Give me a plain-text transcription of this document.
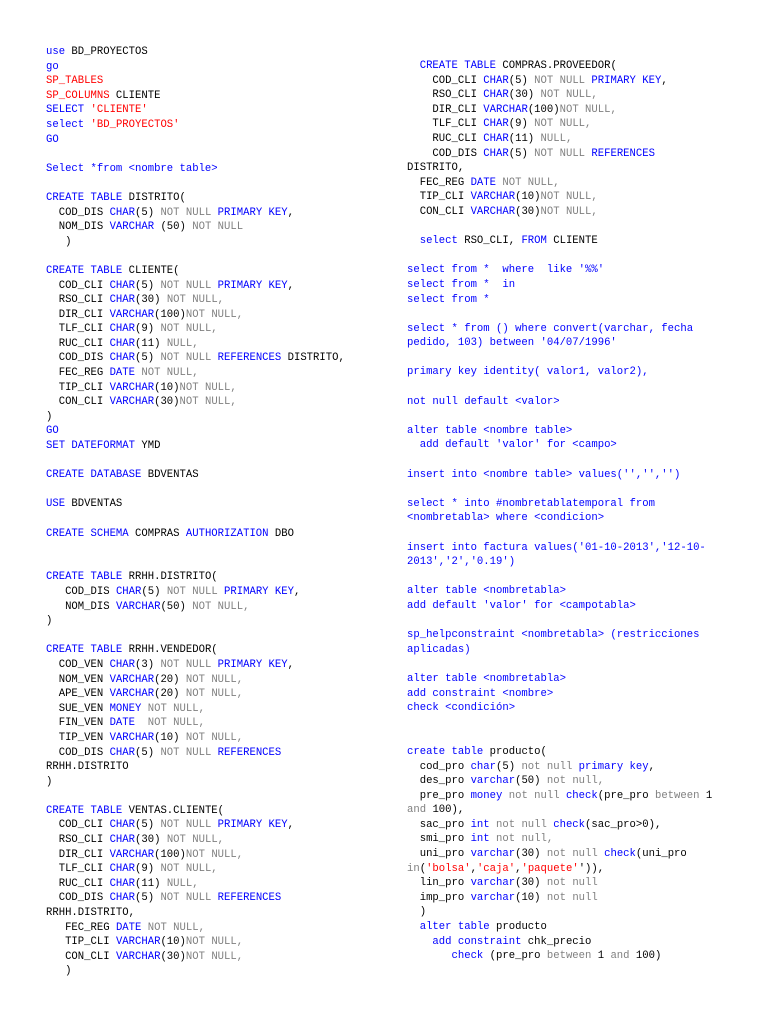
use BD_PROYECTOS
go
SP_TABLES
SP_COLUMNS CLIENTE
SELECT 'CLIENTE'
select 'BD_PROYECTOS'
GO
Select *from <nombre table>
CREATE TABLE DISTRITO(
COD_DIS CHAR(5) NOT NULL PRIMARY KEY,
NOM_DIS VARCHAR (50) NOT NULL
)
CREATE TABLE CLIENTE(
COD_CLI CHAR(5) NOT NULL PRIMARY KEY,
RSO_CLI CHAR(30) NOT NULL,
DIR_CLI VARCHAR(100)NOT NULL,
TLF_CLI CHAR(9) NOT NULL,
RUC_CLI CHAR(11) NULL,
COD_DIS CHAR(5) NOT NULL REFERENCES DISTRITO,
FEC_REG DATE NOT NULL,
TIP_CLI VARCHAR(10)NOT NULL,
CON_CLI VARCHAR(30)NOT NULL,
)
GO
SET DATEFORMAT YMD
CREATE DATABASE BDVENTAS
USE BDVENTAS
CREATE SCHEMA COMPRAS AUTHORIZATION DBO
CREATE TABLE RRHH.DISTRITO(
COD_DIS CHAR(5) NOT NULL PRIMARY KEY,
NOM_DIS VARCHAR(50) NOT NULL,
)
CREATE TABLE RRHH.VENDEDOR(
COD_VEN CHAR(3) NOT NULL PRIMARY KEY,
NOM_VEN VARCHAR(20) NOT NULL,
APE_VEN VARCHAR(20) NOT NULL,
SUE_VEN MONEY NOT NULL,
FIN_VEN DATE  NOT NULL,
TIP_VEN VARCHAR(10) NOT NULL,
COD_DIS CHAR(5) NOT NULL REFERENCES
RRHH.DISTRITO
)
CREATE TABLE VENTAS.CLIENTE(
COD_CLI CHAR(5) NOT NULL PRIMARY KEY,
RSO_CLI CHAR(30) NOT NULL,
DIR_CLI VARCHAR(100)NOT NULL,
TLF_CLI CHAR(9) NOT NULL,
RUC_CLI CHAR(11) NULL,
COD_DIS CHAR(5) NOT NULL REFERENCES
RRHH.DISTRITO,
FEC_REG DATE NOT NULL,
TIP_CLI VARCHAR(10)NOT NULL,
CON_CLI VARCHAR(30)NOT NULL,
)
CREATE TABLE COMPRAS.PROVEEDOR(
COD_CLI CHAR(5) NOT NULL PRIMARY KEY,
RSO_CLI CHAR(30) NOT NULL,
DIR_CLI VARCHAR(100)NOT NULL,
TLF_CLI CHAR(9) NOT NULL,
RUC_CLI CHAR(11) NULL,
COD_DIS CHAR(5) NOT NULL REFERENCES
DISTRITO,
FEC_REG DATE NOT NULL,
TIP_CLI VARCHAR(10)NOT NULL,
CON_CLI VARCHAR(30)NOT NULL,
select RSO_CLI, FROM CLIENTE
select from *  where  like '%%'
select from *  in
select from *
select * from () where convert(varchar, fecha
pedido, 103) between '04/07/1996'
primary key identity( valor1, valor2),
not null default <valor>
alter table <nombre table>
add default 'valor' for <campo>
insert into <nombre table> values('','','')
select * into #nombretablatemporal from
<nombretabla> where <condicion>
insert into factura values('01-10-2013','12-10-
2013','2','0.19')
alter table <nombretabla>
add default 'valor' for <campotabla>
sp_helpconstraint <nombretabla> (restricciones
aplicadas)
alter table <nombretabla>
add constraint <nombre>
check <condición>
create table producto(
cod_pro char(5) not null primary key,
des_pro varchar(50) not null,
pre_pro money not null check(pre_pro between 1
and 100),
sac_pro int not null check(sac_pro>0),
smi_pro int not null,
uni_pro varchar(30) not null check(uni_pro
in('bolsa','caja','paquete'')),
lin_pro varchar(30) not null
imp_pro varchar(10) not null
)
alter table producto
add constraint chk_precio
check (pre_pro between 1 and 100)
